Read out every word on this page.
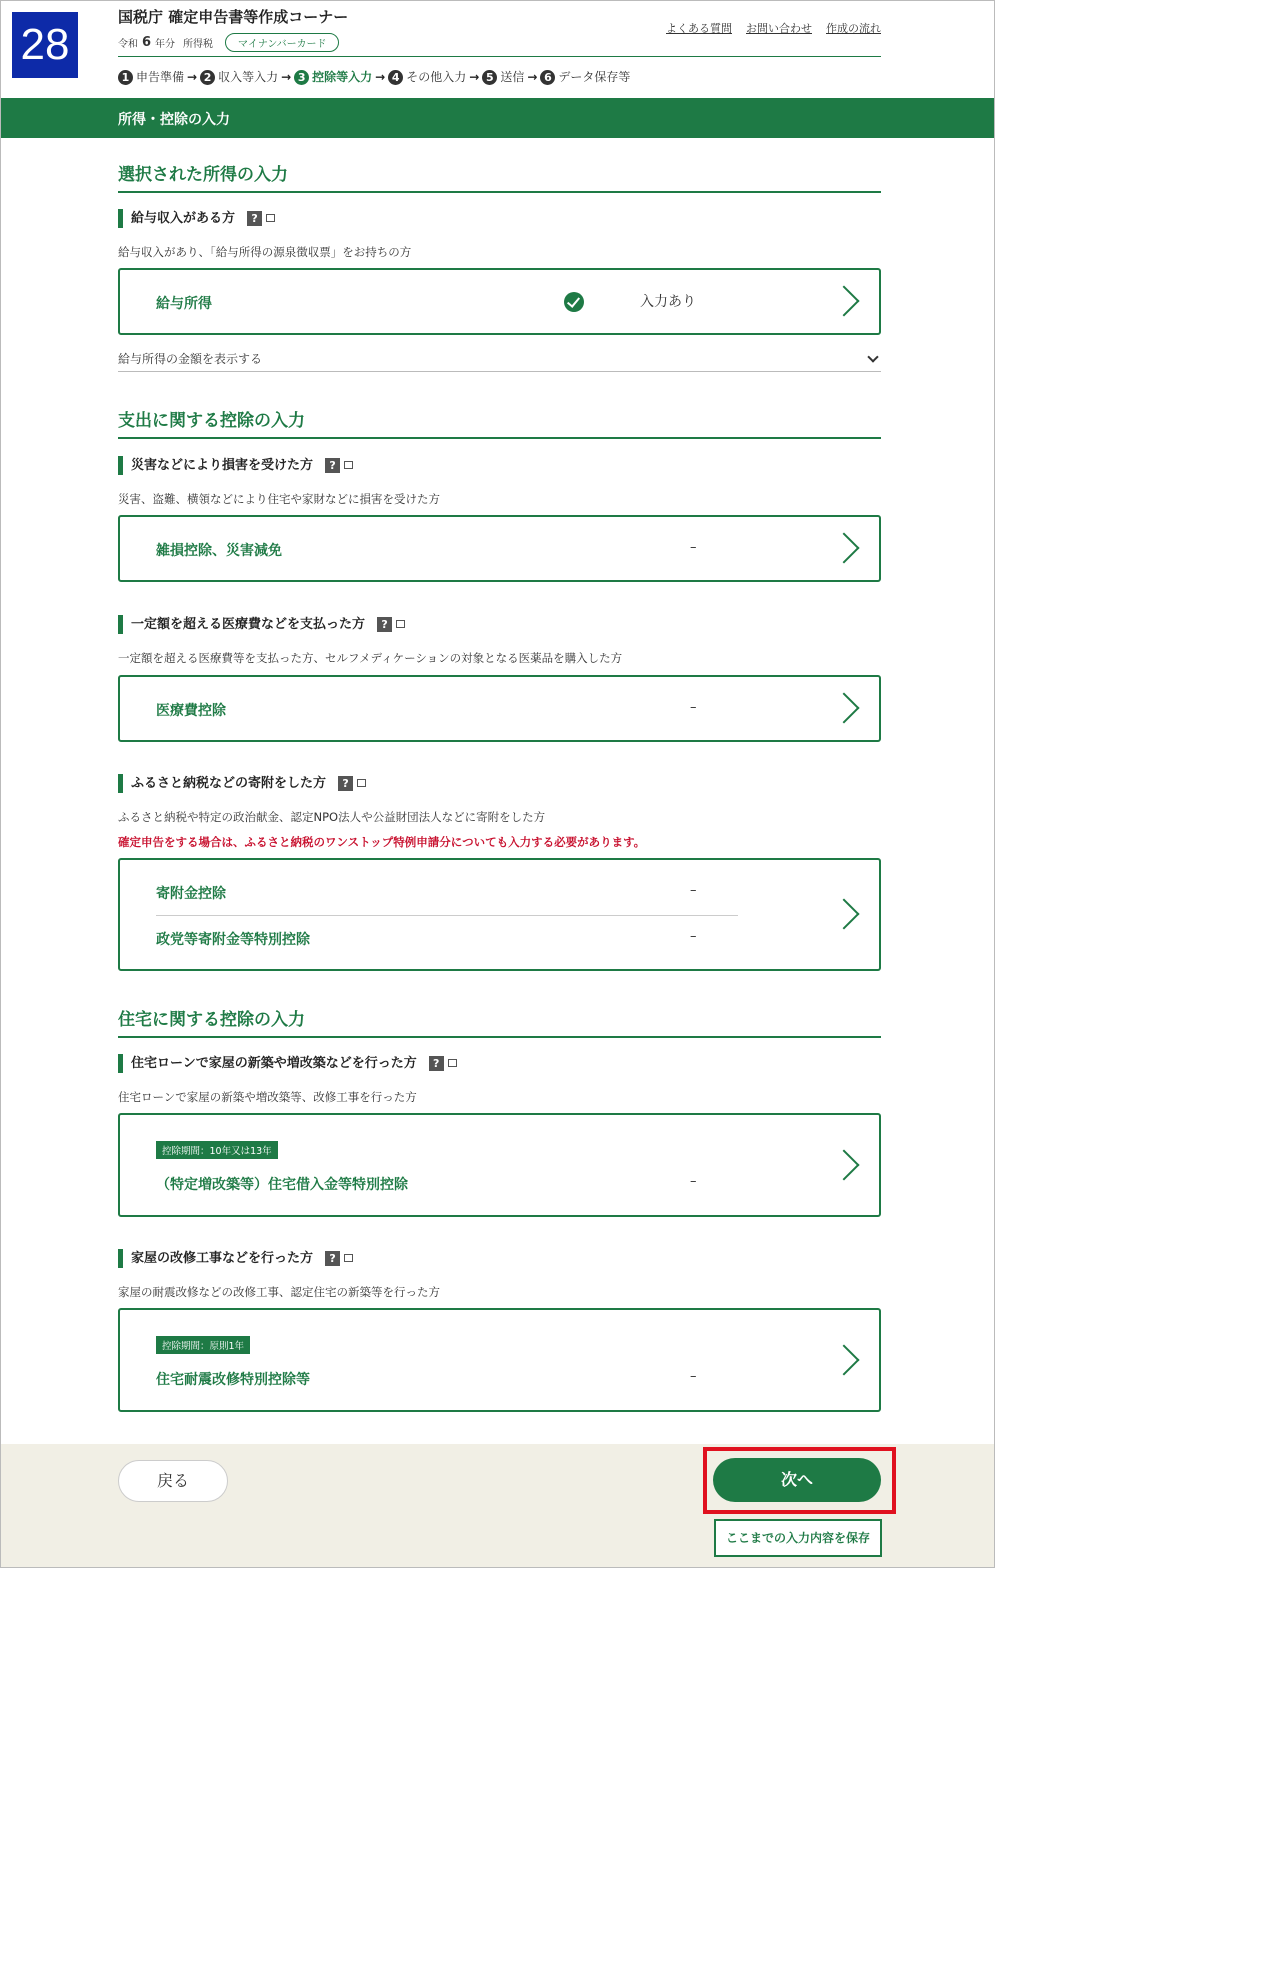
28
国税庁 確定申告書等作成コーナー
令和 6 年分 所得税	マイナンバーカード
よくある質問 お問い合わせ 作成の流れ
1 申告準備 → 2 収入等入力 → 3 控除等入力 → 4 その他入力 → 5 送信 → 6 データ保存等
所得・控除の入力
選択された所得の入力
給与収入がある方	?
給与収入があり、「給与所得の源泉徴収票」をお持ちの方
給与所得	入力あり
給与所得の金額を表示する
支出に関する控除の入力
災害などにより損害を受けた方	?
災害、盗難、横領などにより住宅や家財などに損害を受けた方
雑損控除、災害減免	–
一定額を超える医療費などを支払った方	?
一定額を超える医療費等を支払った方、セルフメディケーションの対象となる医薬品を購入した方
医療費控除	–
ふるさと納税などの寄附をした方	?
ふるさと納税や特定の政治献金、認定NPO法人や公益財団法人などに寄附をした方
確定申告をする場合は、ふるさと納税のワンストップ特例申請分についても入力する必要があります。
寄附金控除	–
政党等寄附金等特別控除	–
住宅に関する控除の入力
住宅ローンで家屋の新築や増改築などを行った方	?
住宅ローンで家屋の新築や増改築等、改修工事を行った方
控除期間：10年又は13年
（特定増改築等）住宅借入金等特別控除	–
家屋の改修工事などを行った方	?
家屋の耐震改修などの改修工事、認定住宅の新築等を行った方
控除期間：原則1年
住宅耐震改修特別控除等	–
戻る	次へ
ここまでの入力内容を保存
